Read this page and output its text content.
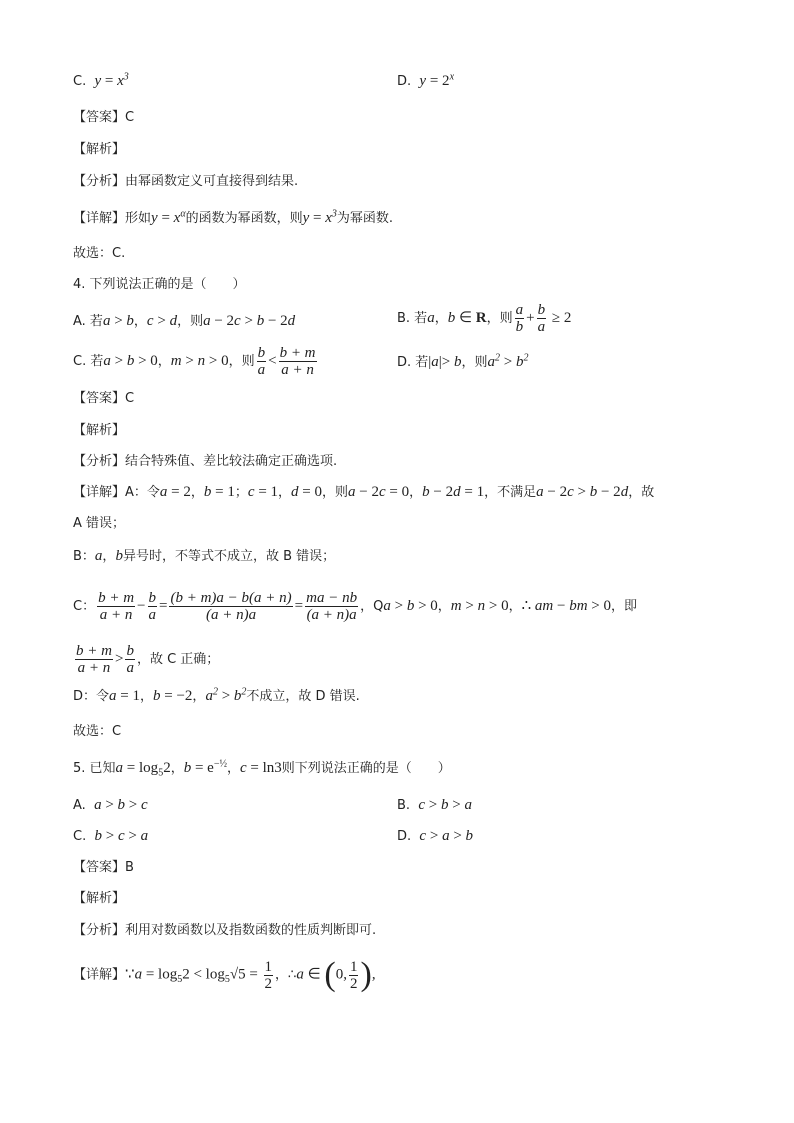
C. $y = x^3$	D. $y = 2^x$
【答案】C
【解析】
【分析】由幂函数定义可直接得到结果.
【详解】形如$y = x^\alpha$的函数为幂函数，则$y = x^3$为幂函数.
故选：C.
4. 下列说法正确的是（　　）
A. 若a > b，c > d，则a − 2c > b − 2d	B. 若a，b ∈ R，则 $\frac{a}{b} + \frac{b}{a} \ge 2$
C. 若a > b > 0，m > n > 0，则 $\frac{b}{a} < \frac{b + m}{a + n}$	D. 若|a|> b，则$a^2 > b^2$
【答案】C
【解析】
【分析】结合特殊值、差比较法确定正确选项.
【详解】A：令a = 2，b = 1；c = 1，d = 0，则a − 2c = 0，b − 2d = 1，不满足a − 2c > b − 2d，故
A 错误；
B：a，b异号时，不等式不成立，故 B 错误；
C： $\frac{b + m}{a + n} - \frac{b}{a} = \frac{(b + m)a - b(a + n)}{(a + n)a} = \frac{ma - nb}{(a + n)a}$ ，Qa > b > 0，m > n > 0，∴ am − bm > 0，即
$\frac{b + m}{a + n} > \frac{b}{a}$ ，故 C 正确；
D：令a = 1，b = −2，$a^2 > b^2$不成立，故 D 错误.
故选：C
5. 已知$a = \log_52$，$b = e^{-\frac{1}{2}}$，c = ln3则下列说法正确的是（　　）
A. a > b > c	B. c > b > a
C. b > c > a	D. c > a > b
【答案】B
【解析】
【分析】利用对数函数以及指数函数的性质判断即可.
【详解】∵a = $\log_52 < \log_5√5 = \frac{1}{2}$ ，∴a ∈ (0, $\frac{1}{2}$ ),
